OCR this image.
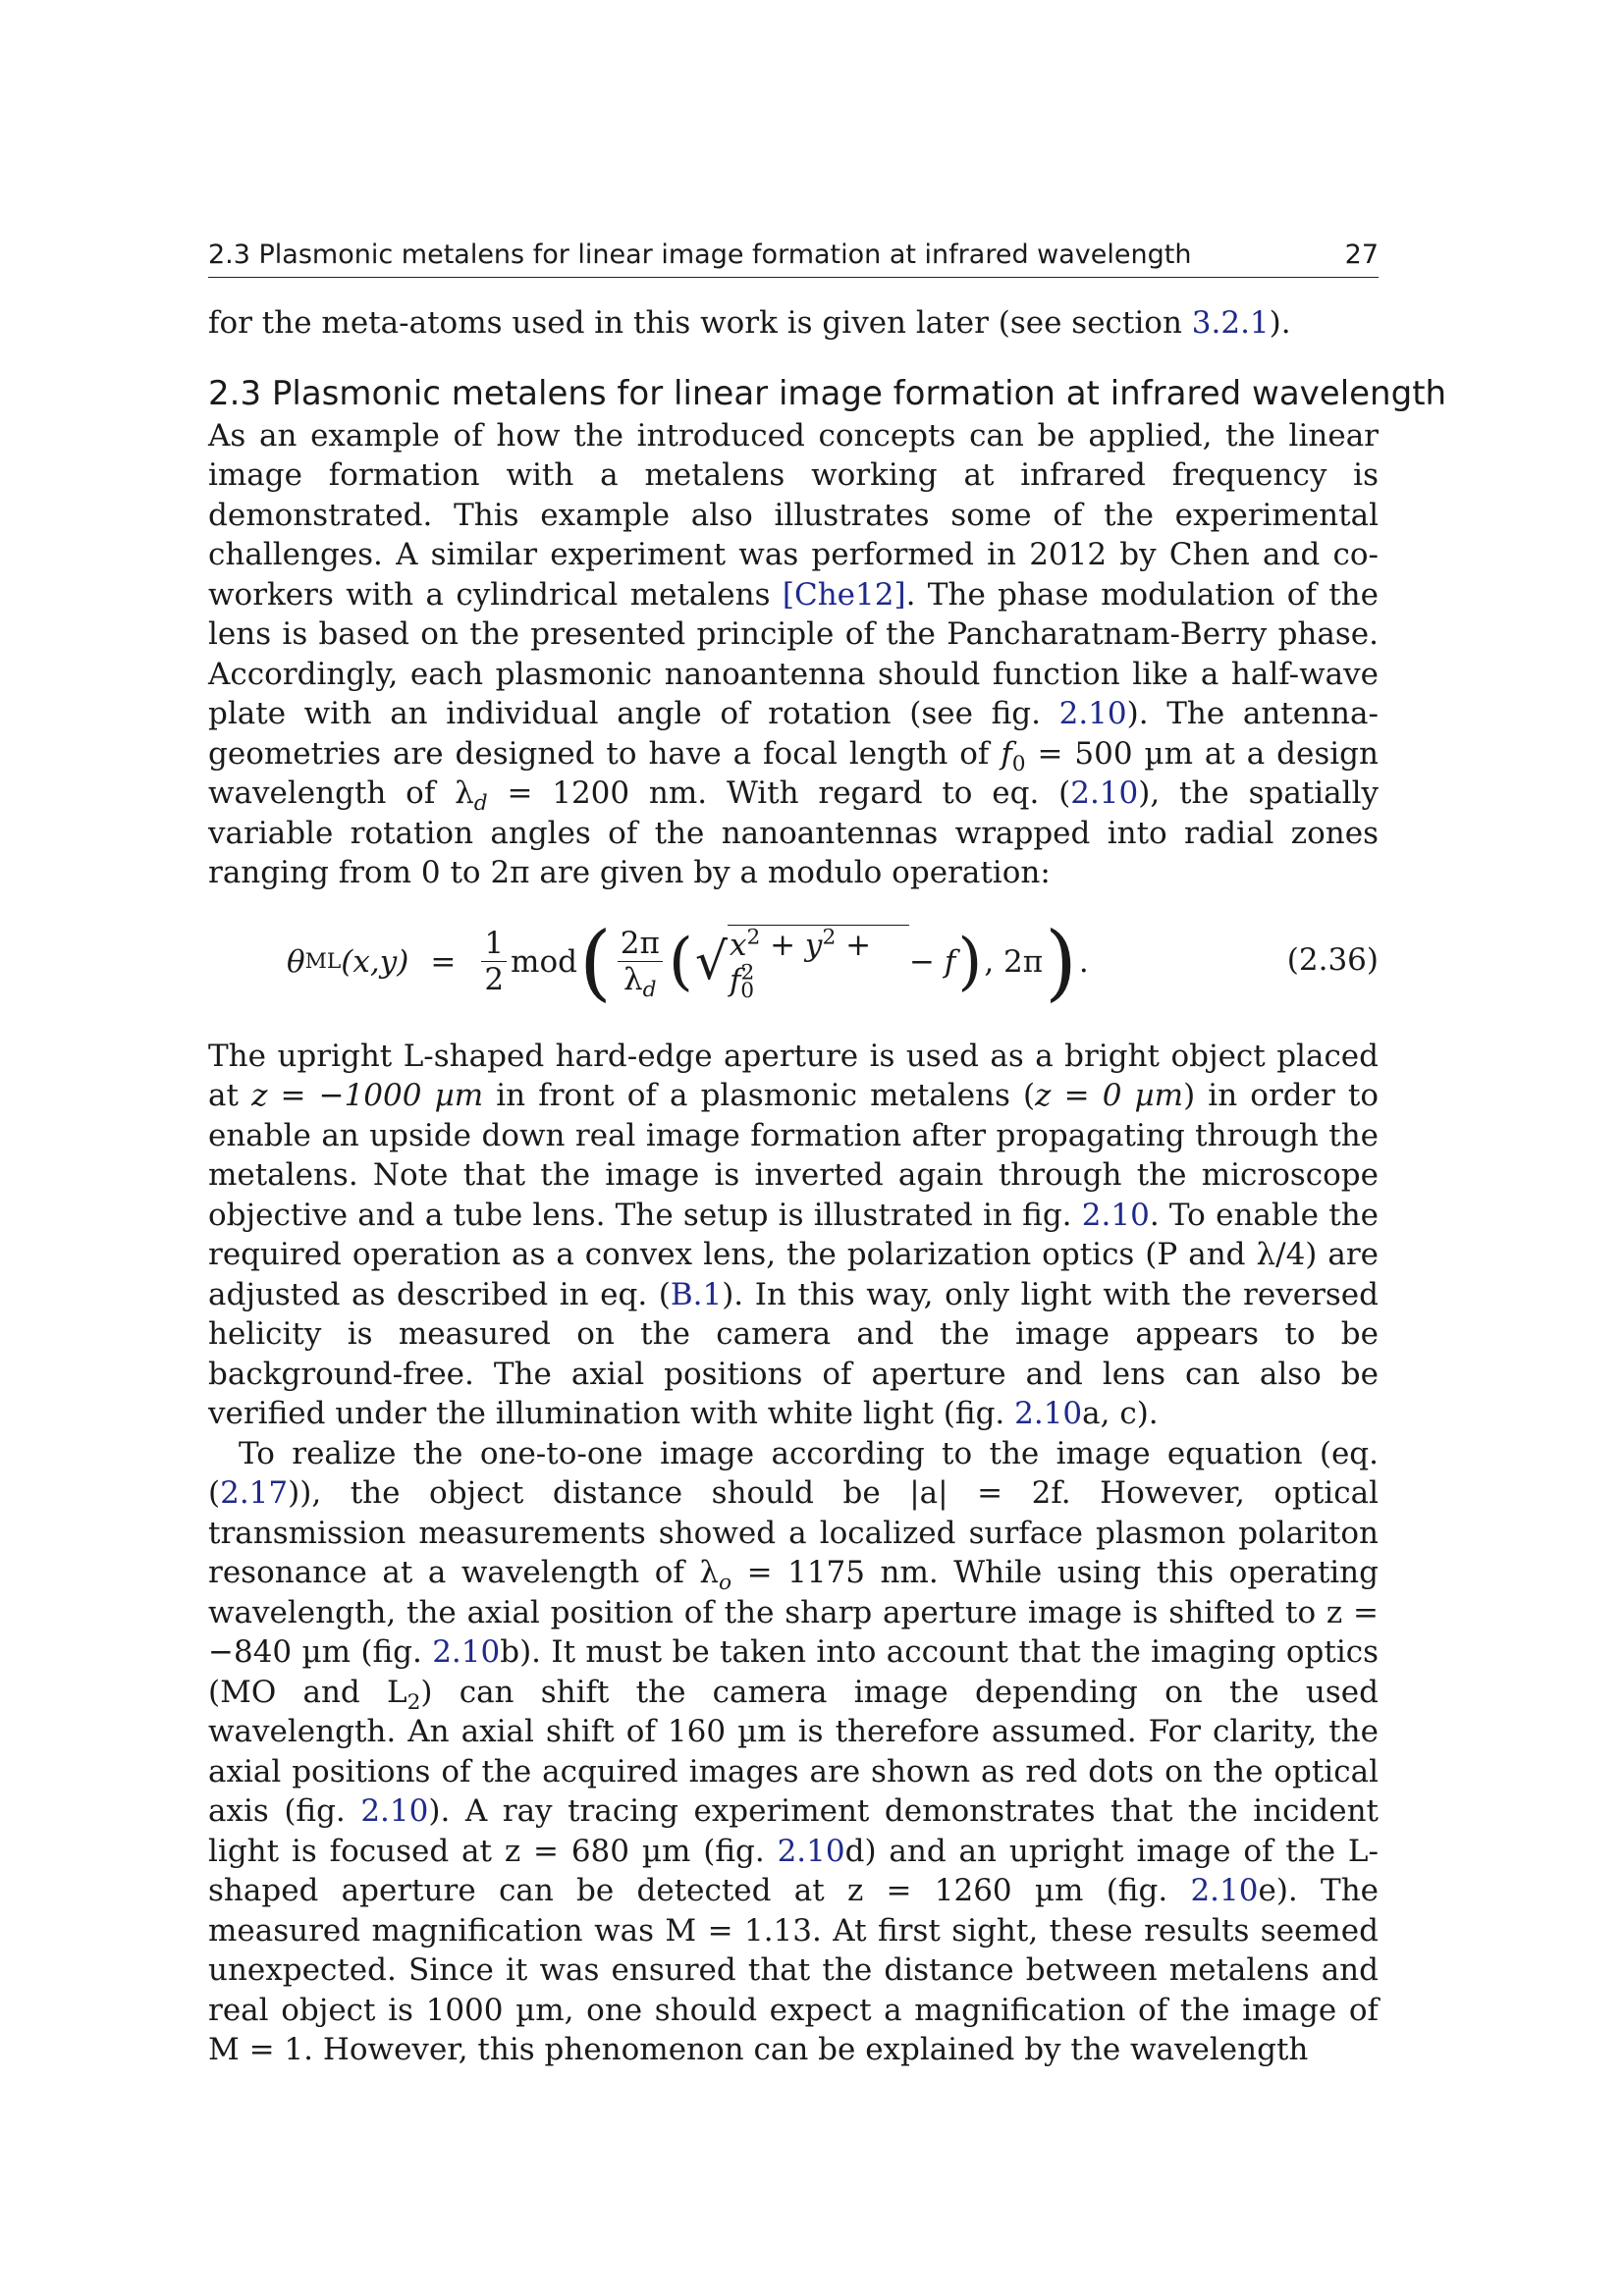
2.3 Plasmonic metalens for linear image formation at infrared wavelength	27

for the meta-atoms used in this work is given later (see section 3.2.1).

2.3 Plasmonic metalens for linear image formation at infrared wavelength

As an example of how the introduced concepts can be applied, the linear image formation with a metalens working at infrared frequency is demonstrated. This example also illustrates some of the experimental challenges. A similar experiment was performed in 2012 by Chen and co-workers with a cylindrical metalens [Che12]. The phase modulation of the lens is based on the presented principle of the Pancharatnam-Berry phase. Accordingly, each plasmonic nanoantenna should function like a half-wave plate with an individual angle of rotation (see fig. 2.10). The antenna-geometries are designed to have a focal length of $f_0 = 500$ µm at a design wavelength of $\lambda_d = 1200$ nm. With regard to eq. (2.10), the spatially variable rotation angles of the nanoantennas wrapped into radial zones ranging from 0 to 2π are given by a modulo operation:

θ ML $(x,y) = \frac{1}{2}$ mod ( $\frac{2\pi}{\lambda_d}$ ( √ $x^2 + y^2 + f^2_0$
− f ) , 2π ) .	(2.36)

The upright L-shaped hard-edge aperture is used as a bright object placed at z = −1000 µm in front of a plasmonic metalens (z = 0 µm) in order to enable an upside down real image formation after propagating through the metalens. Note that the image is inverted again through the microscope objective and a tube lens. The setup is illustrated in fig. 2.10. To enable the required operation as a convex lens, the polarization optics (P and λ/4) are adjusted as described in eq. (B.1). In this way, only light with the reversed helicity is measured on the camera and the image appears to be background-free. The axial positions of aperture and lens can also be verified under the illumination with white light (fig. 2.10a, c).

To realize the one-to-one image according to the image equation (eq. (2.17)), the object distance should be |a| = 2f. However, optical transmission measurements showed a localized surface plasmon polariton resonance at a wavelength of $\lambda_o = 1175$ nm. While using this operating wavelength, the axial position of the sharp aperture image is shifted to z = −840 µm (fig. 2.10b). It must be taken into account that the imaging optics (MO and $L_2$) can shift the camera image depending on the used wavelength. An axial shift of 160 µm is therefore assumed. For clarity, the axial positions of the acquired images are shown as red dots on the optical axis (fig. 2.10). A ray tracing experiment demonstrates that the incident light is focused at z = 680 µm (fig. 2.10d) and an upright image of the L-shaped aperture can be detected at z = 1260 µm (fig. 2.10e). The measured magnification was M = 1.13. At first sight, these results seemed unexpected. Since it was ensured that the distance between metalens and real object is 1000 µm, one should expect a magnification of the image of M = 1. However, this phenomenon can be explained by the wavelength
